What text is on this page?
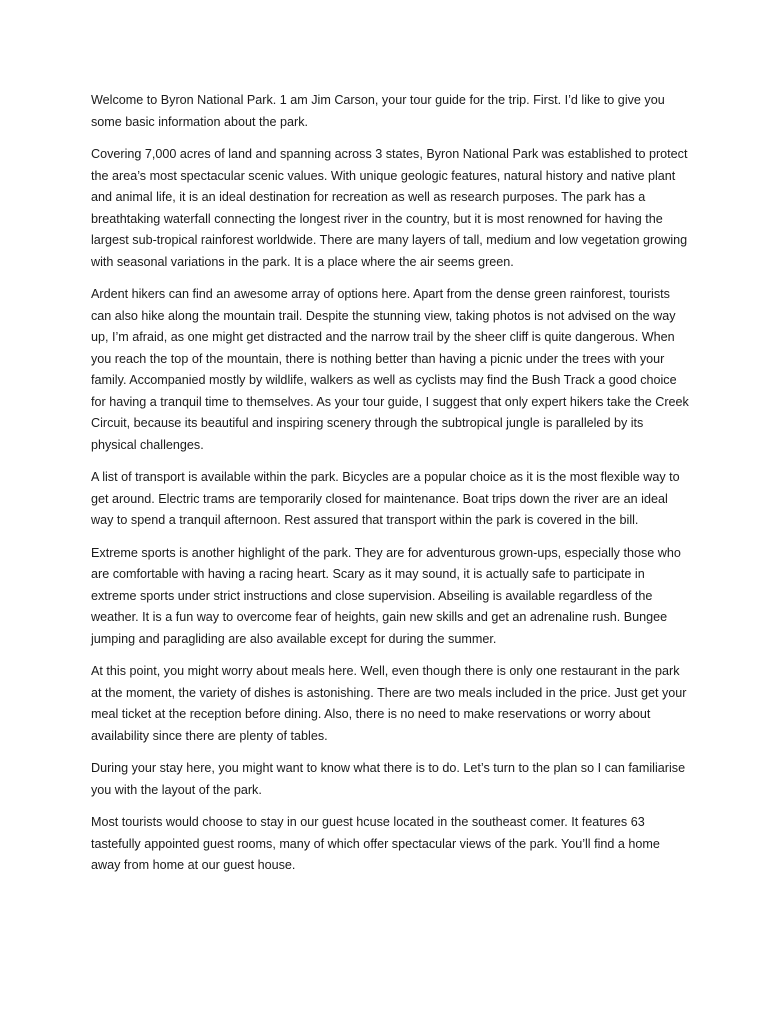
Welcome to Byron National Park. 1 am Jim Carson, your tour guide for the trip. First. I’d like to give you some basic information about the park.

Covering 7,000 acres of land and spanning across 3 states, Byron National Park was established to protect the area’s most spectacular scenic values. With unique geologic features, natural history and native plant and animal life, it is an ideal destination for recreation as well as research purposes. The park has a breathtaking waterfall connecting the longest river in the country, but it is most renowned for having the largest sub-tropical rainforest worldwide. There are many layers of tall, medium and low vegetation growing with seasonal variations in the park. It is a place where the air seems green.

Ardent hikers can find an awesome array of options here. Apart from the dense green rainforest, tourists can also hike along the mountain trail. Despite the stunning view, taking photos is not advised on the way up, I’m afraid, as one might get distracted and the narrow trail by the sheer cliff is quite dangerous. When you reach the top of the mountain, there is nothing better than having a picnic under the trees with your family. Accompanied mostly by wildlife, walkers as well as cyclists may find the Bush Track a good choice for having a tranquil time to themselves. As your tour guide, I suggest that only expert hikers take the Creek Circuit, because its beautiful and inspiring scenery through the subtropical jungle is paralleled by its physical challenges.

A list of transport is available within the park. Bicycles are a popular choice as it is the most flexible way to get around. Electric trams are temporarily closed for maintenance. Boat trips down the river are an ideal way to spend a tranquil afternoon. Rest assured that transport within the park is covered in the bill.

Extreme sports is another highlight of the park. They are for adventurous grown-ups, especially those who are comfortable with having a racing heart. Scary as it may sound, it is actually safe to participate in extreme sports under strict instructions and close supervision. Abseiling is available regardless of the weather. It is a fun way to overcome fear of heights, gain new skills and get an adrenaline rush. Bungee jumping and paragliding are also available except for during the summer.

At this point, you might worry about meals here. Well, even though there is only one restaurant in the park at the moment, the variety of dishes is astonishing. There are two meals included in the price. Just get your meal ticket at the reception before dining. Also, there is no need to make reservations or worry about availability since there are plenty of tables.

During your stay here, you might want to know what there is to do. Let’s turn to the plan so I can familiarise you with the layout of the park.

Most tourists would choose to stay in our guest hcuse located in the southeast comer. It features 63 tastefully appointed guest rooms, many of which offer spectacular views of the park. You’ll find a home away from home at our guest house.
